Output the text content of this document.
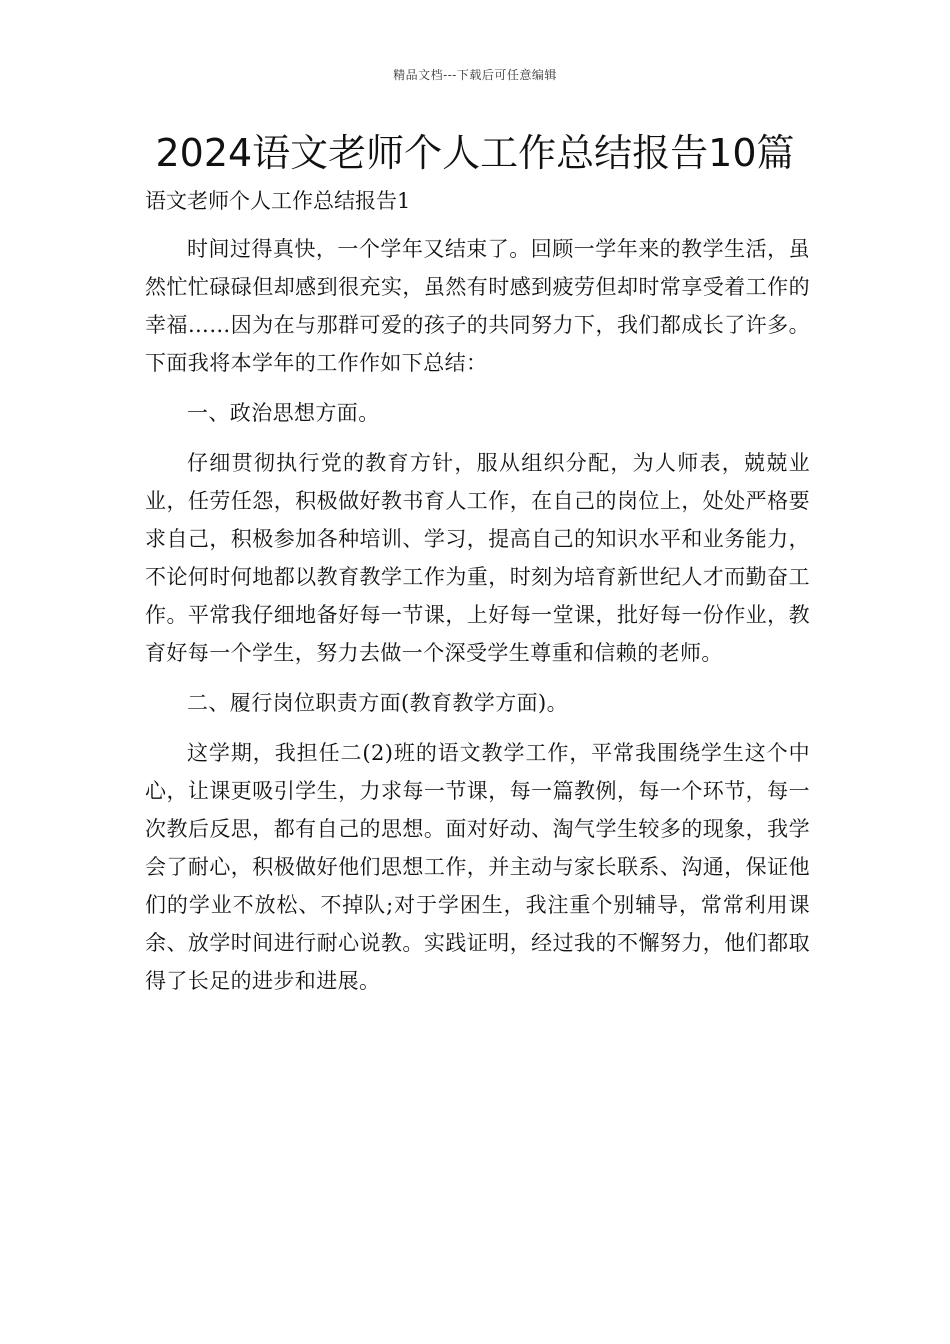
精品文档---下载后可任意编辑
2024语文老师个人工作总结报告10篇

语文老师个人工作总结报告1

时间过得真快，一个学年又结束了。回顾一学年来的教学生活，虽然忙忙碌碌但却感到很充实，虽然有时感到疲劳但却时常享受着工作的幸福……因为在与那群可爱的孩子的共同努力下，我们都成长了许多。下面我将本学年的工作作如下总结：

一、政治思想方面。

仔细贯彻执行党的教育方针，服从组织分配，为人师表，兢兢业业，任劳任怨，积极做好教书育人工作，在自己的岗位上，处处严格要求自己，积极参加各种培训、学习，提高自己的知识水平和业务能力，不论何时何地都以教育教学工作为重，时刻为培育新世纪人才而勤奋工作。平常我仔细地备好每一节课，上好每一堂课，批好每一份作业，教育好每一个学生，努力去做一个深受学生尊重和信赖的老师。

二、履行岗位职责方面(教育教学方面)。

这学期，我担任二(2)班的语文教学工作，平常我围绕学生这个中心，让课更吸引学生，力求每一节课，每一篇教例，每一个环节，每一次教后反思，都有自己的思想。面对好动、淘气学生较多的现象，我学会了耐心，积极做好他们思想工作，并主动与家长联系、沟通，保证他们的学业不放松、不掉队;对于学困生，我注重个别辅导，常常利用课余、放学时间进行耐心说教。实践证明，经过我的不懈努力，他们都取得了长足的进步和进展。
